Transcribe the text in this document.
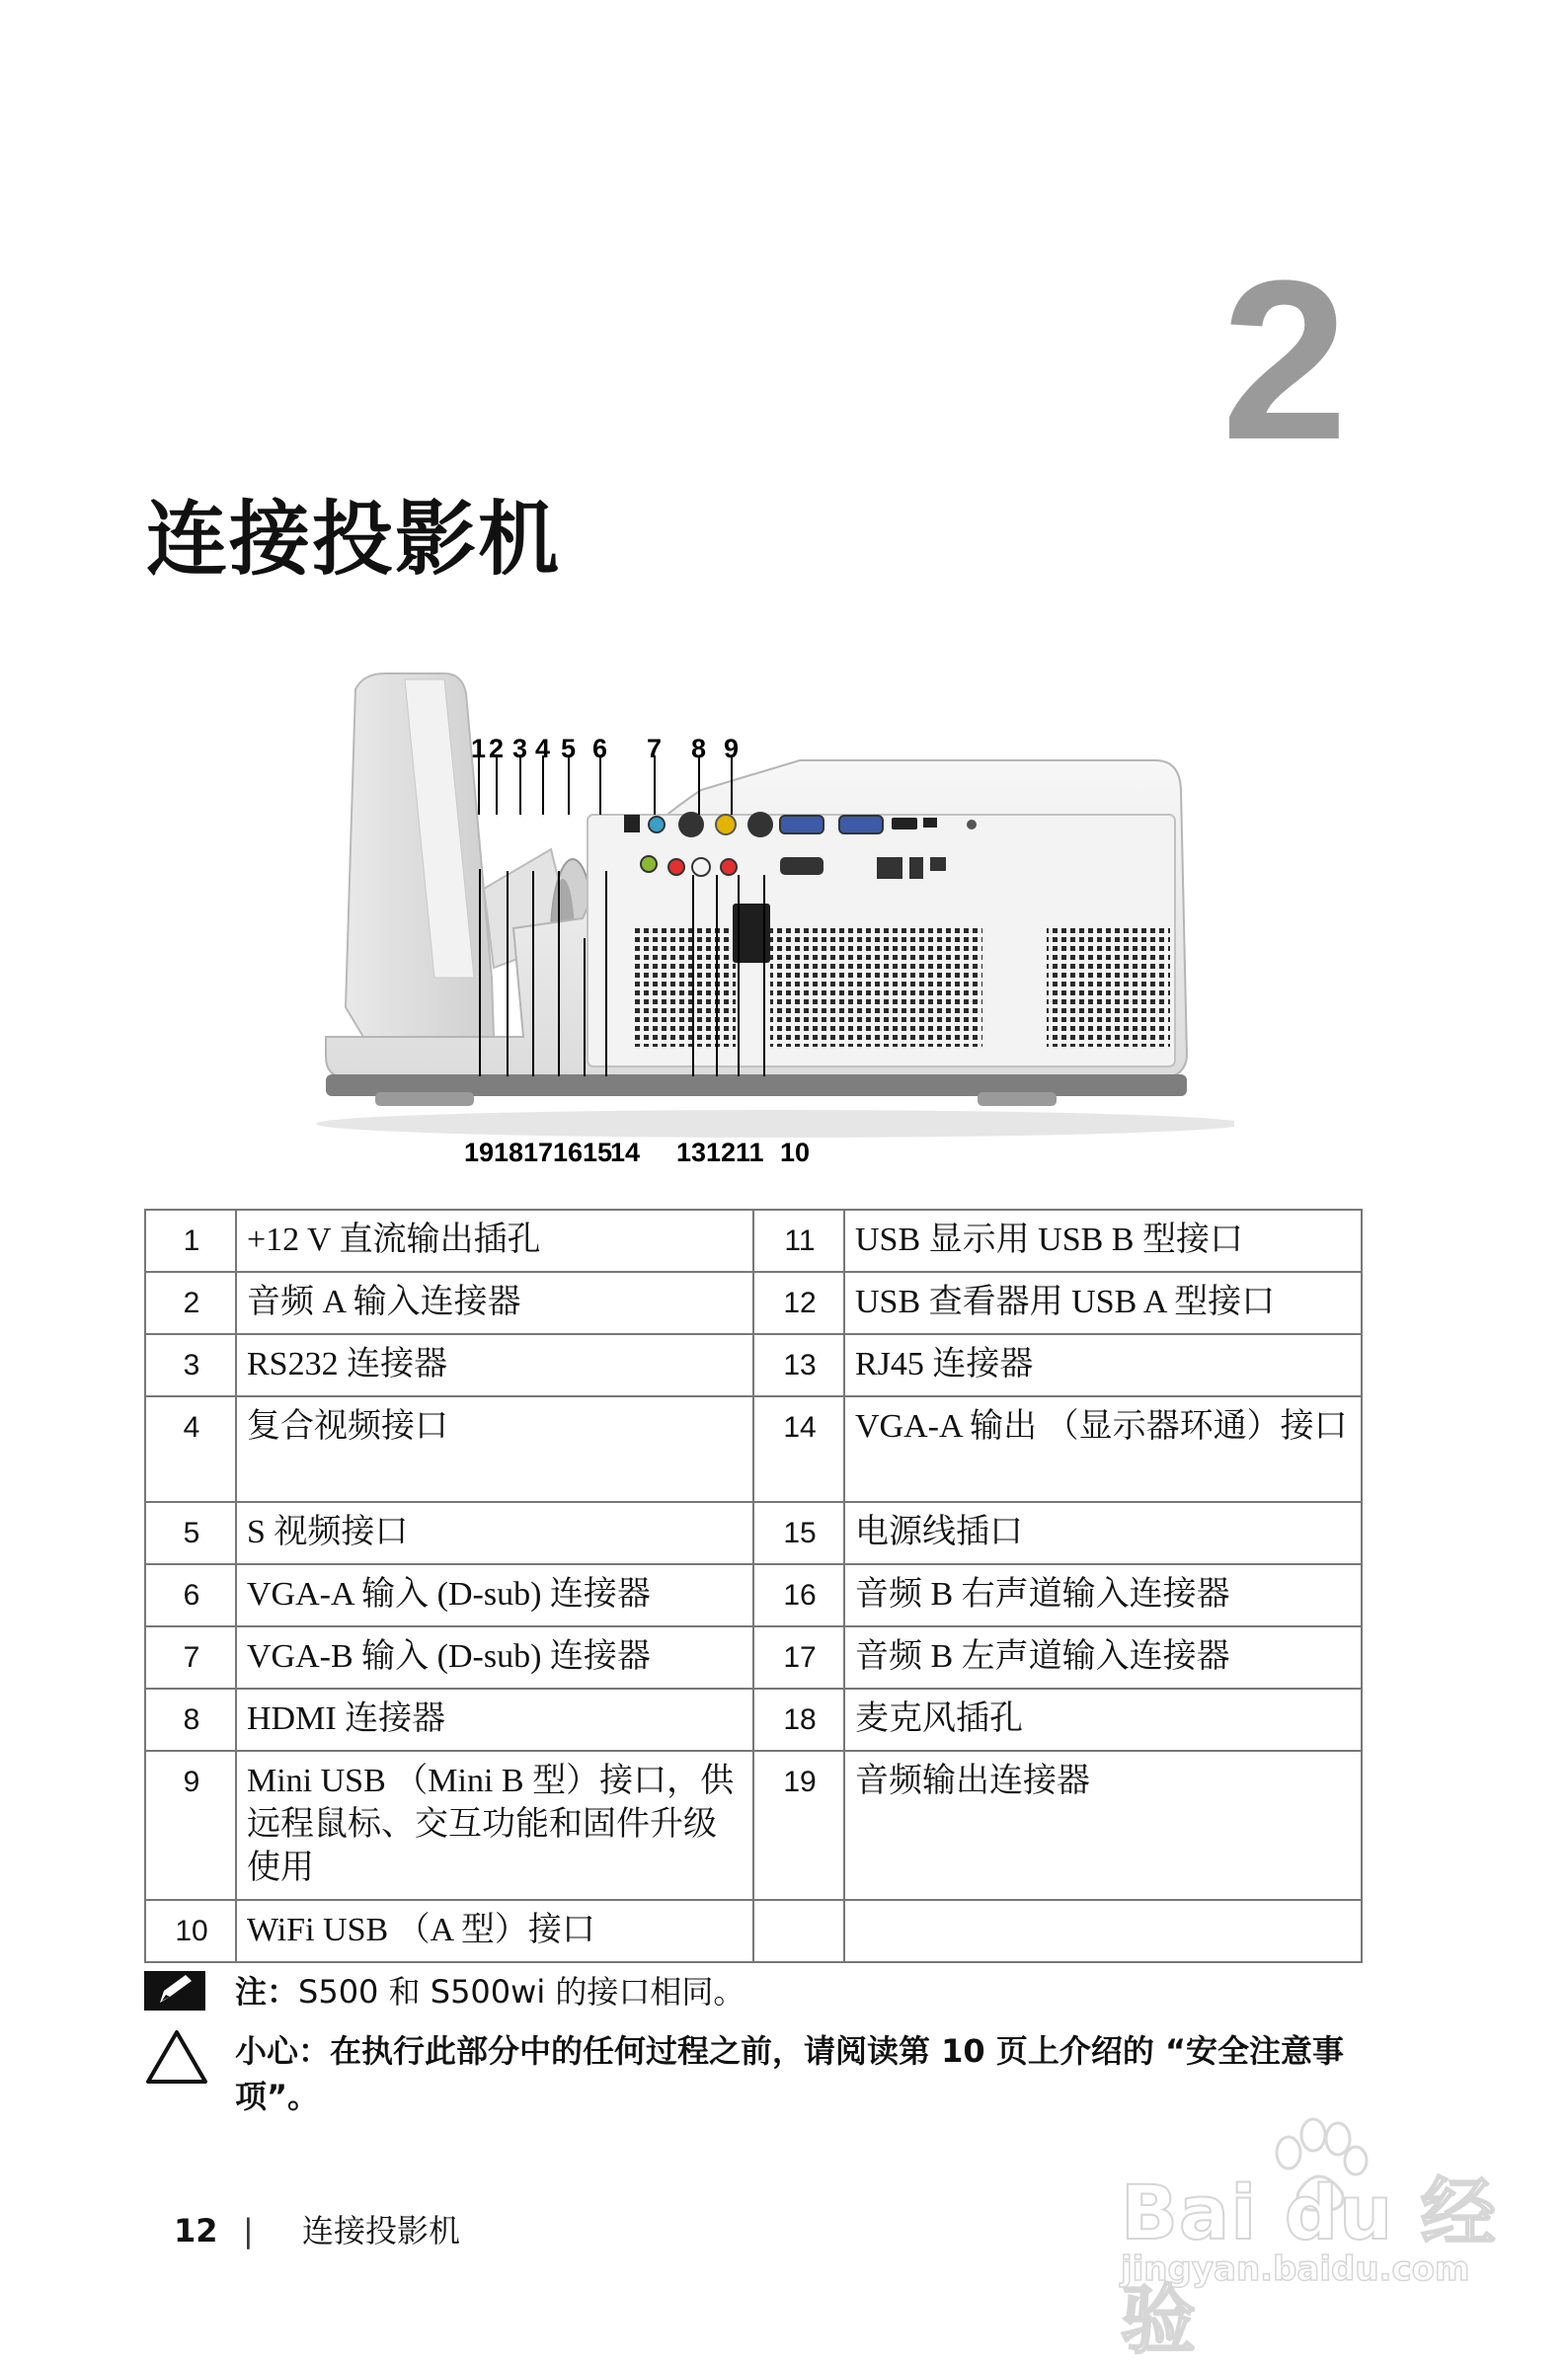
2
连接投影机
1 2 3 4 5 6 7 8 9
19 18 17 16 15
14 13 12 11 10
1	+12 V 直流输出插孔	11	USB 显示用 USB B 型接口
2	音频 A 输入连接器	12	USB 查看器用 USB A 型接口
3	RS232 连接器	13	RJ45 连接器
4	复合视频接口	14	VGA-A 输出 （显示器环通）接口
5	S 视频接口	15	电源线插口
6	VGA-A 输入 (D-sub) 连接器	16	音频 B 右声道输入连接器
7	VGA-B 输入 (D-sub) 连接器	17	音频 B 左声道输入连接器
8	HDMI 连接器	18	麦克风插孔
9	Mini USB （Mini B 型）接口，供远程鼠标、交互功能和固件升级使用	19	音频输出连接器
10	WiFi USB （A 型）接口		
注：S500 和 S500wi 的接口相同。
小心：在执行此部分中的任何过程之前，请阅读第 10 页上介绍的 “安全注意事项”。
12 | 连接投影机	Bai du 经验
jingyan.baidu.com
